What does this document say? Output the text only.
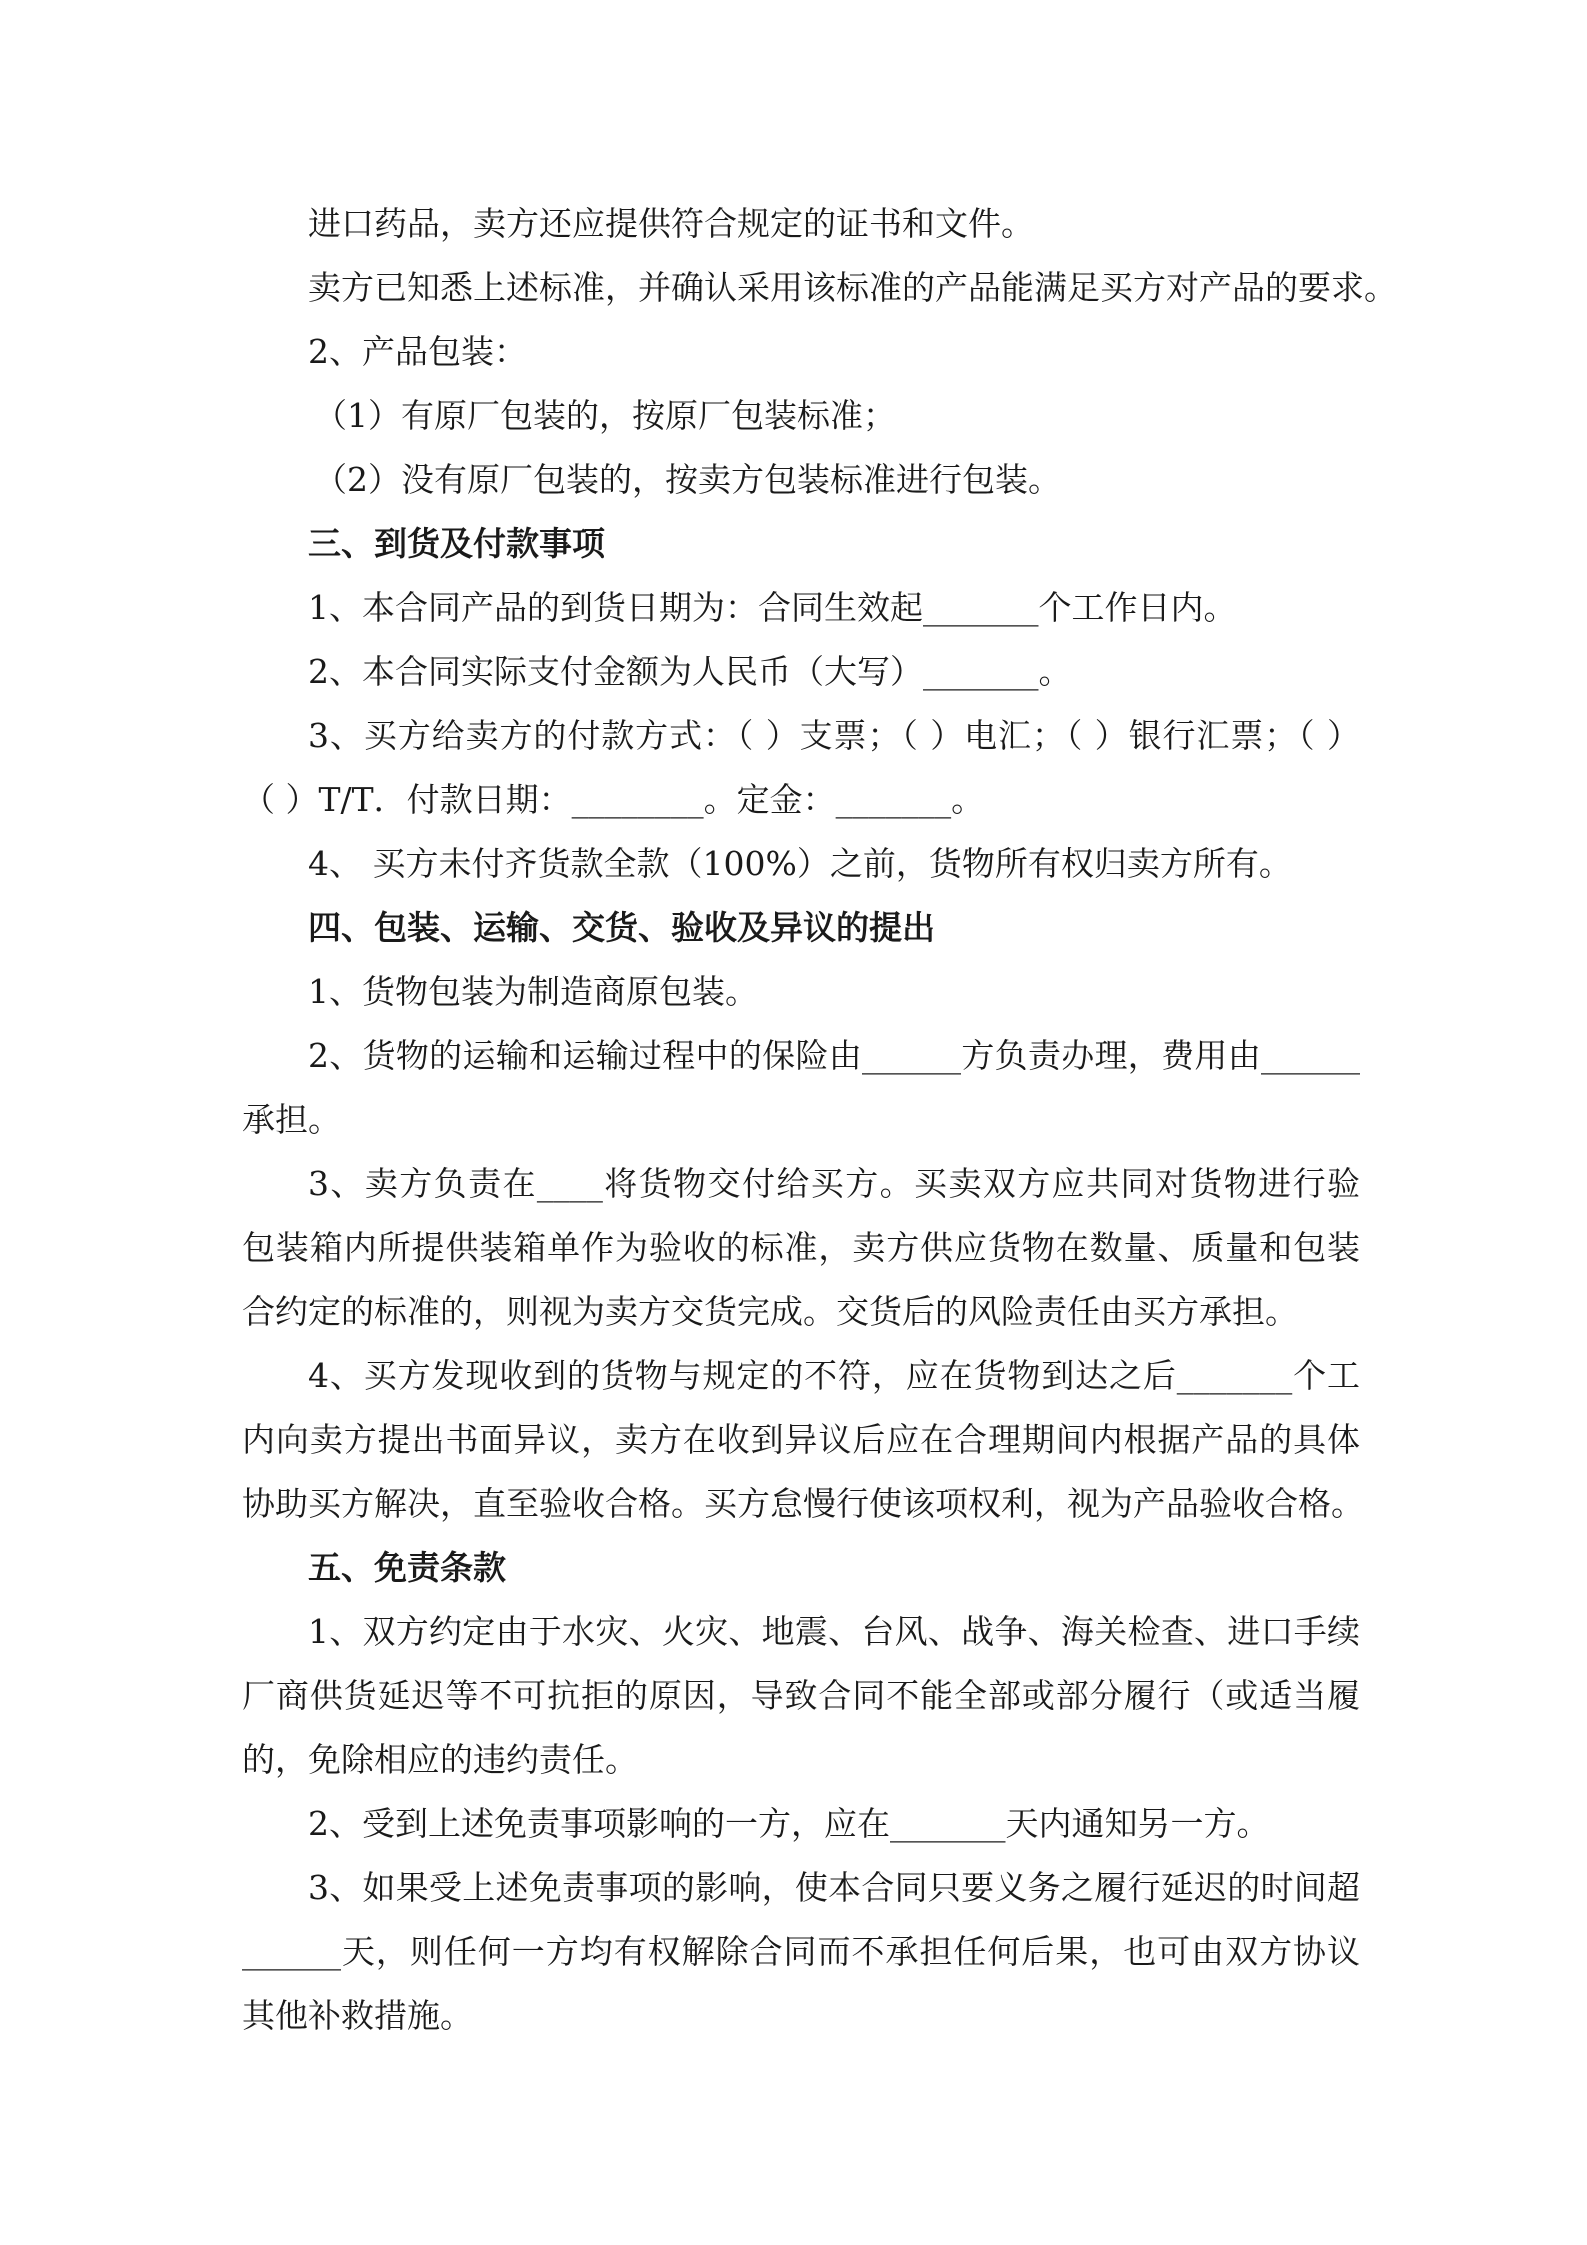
进口药品，卖方还应提供符合规定的证书和文件。

卖方已知悉上述标准，并确认采用该标准的产品能满足买方对产品的要求。

2、产品包装：

（1）有原厂包装的，按原厂包装标准；

（2）没有原厂包装的，按卖方包装标准进行包装。

三、到货及付款事项

1、本合同产品的到货日期为：合同生效起_______个工作日内。

2、本合同实际支付金额为人民币（大写）_______。

3、买方给卖方的付款方式：（ ）支票；（ ）电汇；（ ）银行汇票；（ ）

（ ）T/T．付款日期：________。定金：_______。

4、 买方未付齐货款全款（100%）之前，货物所有权归卖方所有。

四、包装、运输、交货、验收及异议的提出

1、货物包装为制造商原包装。

2、货物的运输和运输过程中的保险由______方负责办理，费用由______

承担。

3、卖方负责在____将货物交付给买方。买卖双方应共同对货物进行验

包装箱内所提供装箱单作为验收的标准，卖方供应货物在数量、质量和包装

合约定的标准的，则视为卖方交货完成。交货后的风险责任由买方承担。

4、买方发现收到的货物与规定的不符，应在货物到达之后_______个工

内向卖方提出书面异议，卖方在收到异议后应在合理期间内根据产品的具体

协助买方解决，直至验收合格。买方怠慢行使该项权利，视为产品验收合格。

五、免责条款

1、双方约定由于水灾、火灾、地震、台风、战争、海关检查、进口手续

厂商供货延迟等不可抗拒的原因，导致合同不能全部或部分履行（或适当履

的，免除相应的违约责任。

2、受到上述免责事项影响的一方，应在_______天内通知另一方。

3、如果受上述免责事项的影响，使本合同只要义务之履行延迟的时间超

______天，则任何一方均有权解除合同而不承担任何后果，也可由双方协议

其他补救措施。
